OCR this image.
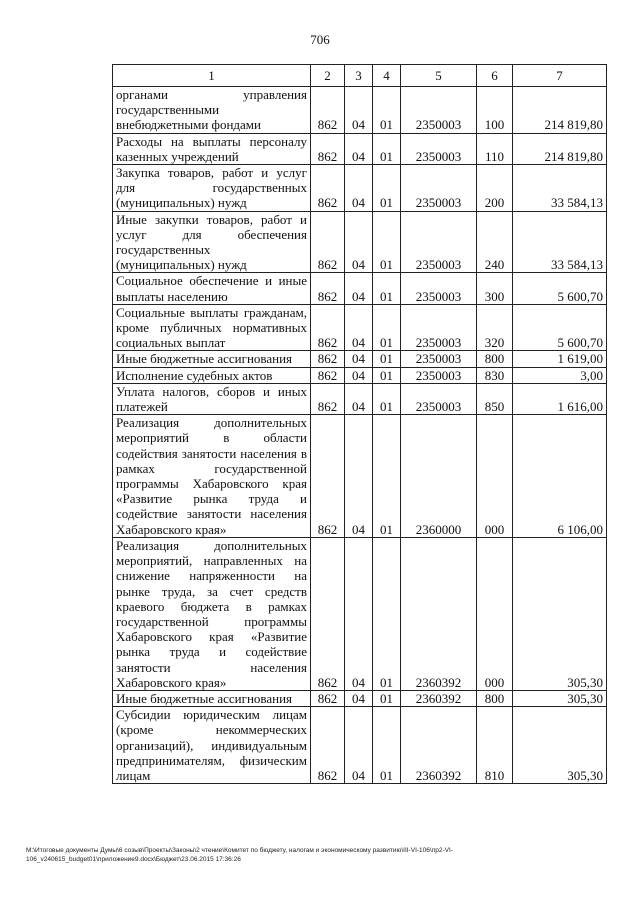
706
1	2	3	4	5	6	7
органами управления государственными внебюджетными фондами	862	04	01	2350003	100	214 819,80
Расходы на выплаты персоналу казенных учреждений	862	04	01	2350003	110	214 819,80
Закупка товаров, работ и услуг для государственных (муниципальных) нужд	862	04	01	2350003	200	33 584,13
Иные закупки товаров, работ и услуг для обеспечения государственных (муниципальных) нужд	862	04	01	2350003	240	33 584,13
Социальное обеспечение и иные выплаты населению	862	04	01	2350003	300	5 600,70
Социальные выплаты гражданам, кроме публичных нормативных социальных выплат	862	04	01	2350003	320	5 600,70
Иные бюджетные ассигнования	862	04	01	2350003	800	1 619,00
Исполнение судебных актов	862	04	01	2350003	830	3,00
Уплата налогов, сборов и иных платежей	862	04	01	2350003	850	1 616,00
Реализация дополнительных мероприятий в области содействия занятости населения в рамках государственной программы Хабаровского края «Развитие рынка труда и содействие занятости населения Хабаровского края»	862	04	01	2360000	000	6 106,00
Реализация дополнительных мероприятий, направленных на снижение напряженности на рынке труда, за счет средств краевого бюджета в рамках государственной программы Хабаровского края «Развитие рынка труда и содействие занятости населения Хабаровского края»	862	04	01	2360392	000	305,30
Иные бюджетные ассигнования	862	04	01	2360392	800	305,30
Субсидии юридическим лицам (кроме некоммерческих организаций), индивидуальным предпринимателям, физическим лицам	862	04	01	2360392	810	305,30
М:\Итоговые документы Думы\6 созыв\Проекты\Законы\2 чтение\Комитет по бюджету, налогам и экономическому развитию\III-VI-106\пр2-VI-
106_v240615_budget01\приложение9.docx\Бюджет\23.06.2015 17:36:26
